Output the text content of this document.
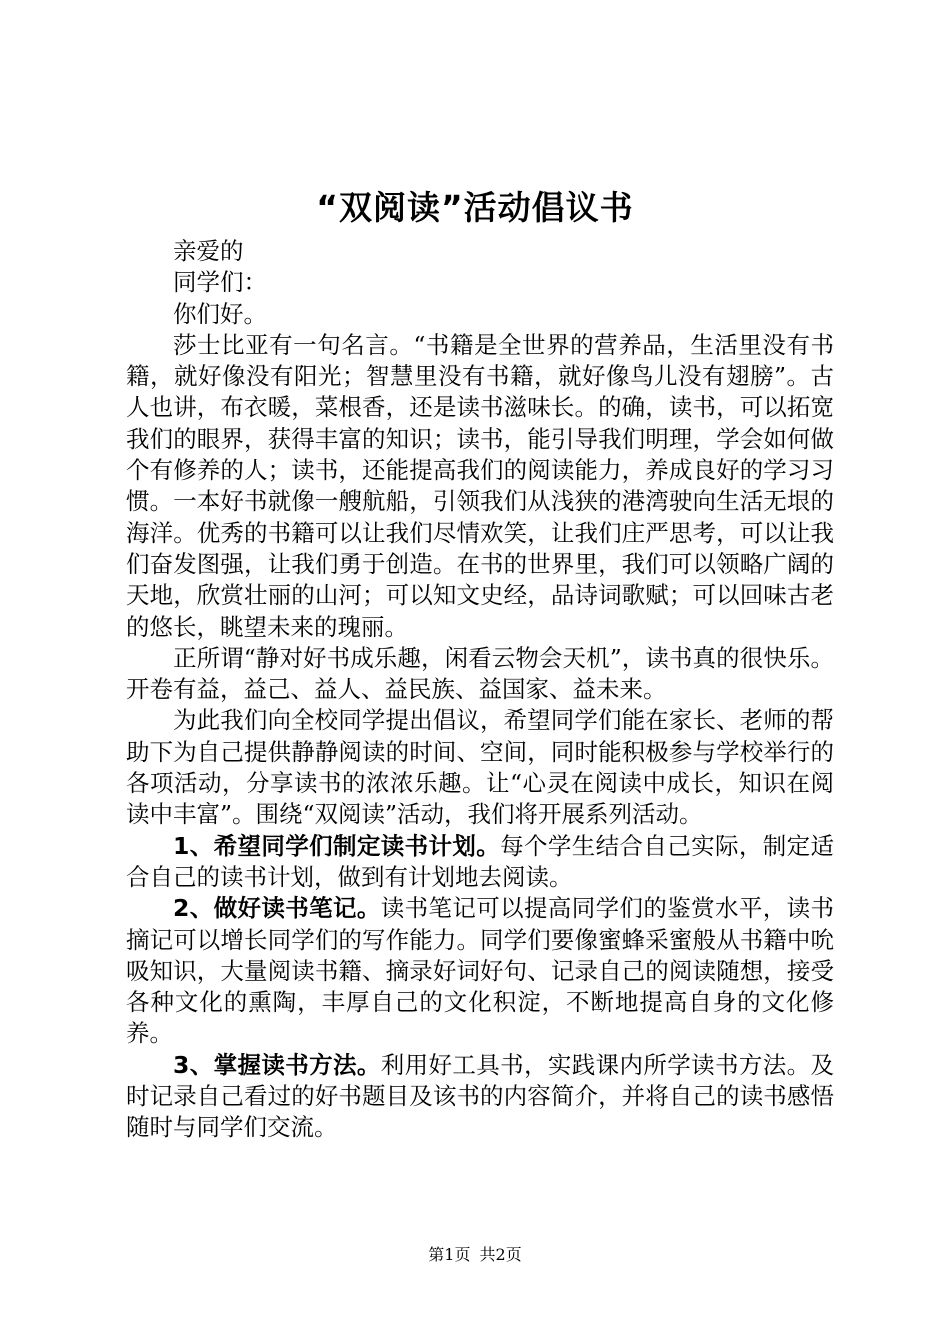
“双阅读”活动倡议书

亲爱的

同学们：

你们好。

莎士比亚有一句名言。“书籍是全世界的营养品，生活里没有书籍，就好像没有阳光；智慧里没有书籍，就好像鸟儿没有翅膀”。古人也讲，布衣暖，菜根香，还是读书滋味长。的确，读书，可以拓宽我们的眼界，获得丰富的知识；读书，能引导我们明理，学会如何做个有修养的人；读书，还能提高我们的阅读能力，养成良好的学习习惯。一本好书就像一艘航船，引领我们从浅狭的港湾驶向生活无垠的海洋。优秀的书籍可以让我们尽情欢笑，让我们庄严思考，可以让我们奋发图强，让我们勇于创造。在书的世界里，我们可以领略广阔的天地，欣赏壮丽的山河；可以知文史经，品诗词歌赋；可以回味古老的悠长，眺望未来的瑰丽。

正所谓“静对好书成乐趣，闲看云物会天机”，读书真的很快乐。开卷有益，益己、益人、益民族、益国家、益未来。

为此我们向全校同学提出倡议，希望同学们能在家长、老师的帮助下为自己提供静静阅读的时间、空间，同时能积极参与学校举行的各项活动，分享读书的浓浓乐趣。让“心灵在阅读中成长，知识在阅读中丰富”。围绕“双阅读”活动，我们将开展系列活动。

1、希望同学们制定读书计划。每个学生结合自己实际，制定适合自己的读书计划，做到有计划地去阅读。

2、做好读书笔记。读书笔记可以提高同学们的鉴赏水平，读书摘记可以增长同学们的写作能力。同学们要像蜜蜂采蜜般从书籍中吮吸知识，大量阅读书籍、摘录好词好句、记录自己的阅读随想，接受各种文化的熏陶，丰厚自己的文化积淀，不断地提高自身的文化修养。

3、掌握读书方法。利用好工具书，实践课内所学读书方法。及时记录自己看过的好书题目及该书的内容简介，并将自己的读书感悟随时与同学们交流。

第1页 共2页
